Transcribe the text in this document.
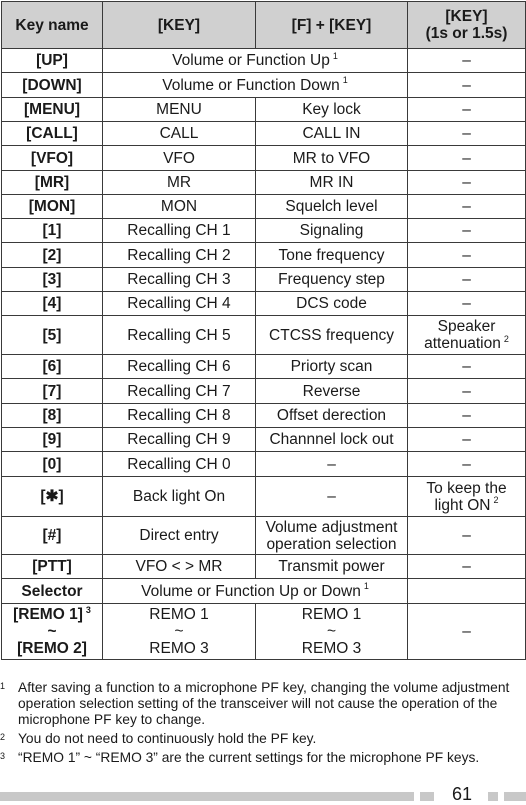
Key name	[KEY]	[F] + [KEY]	[KEY]
(1s or 1.5s)
[UP]	Volume or Function Up $^1$		–
[DOWN]	Volume or Function Down $^1$		–
[MENU]	MENU	Key lock	–
[CALL]	CALL	CALL IN	–
[VFO]	VFO	MR to VFO	–
[MR]	MR	MR IN	–
[MON]	MON	Squelch level	–
[1]	Recalling CH 1	Signaling	–
[2]	Recalling CH 2	Tone frequency	–
[3]	Recalling CH 3	Frequency step	–
[4]	Recalling CH 4	DCS code	–
[5]	Recalling CH 5	CTCSS frequency	Speaker
attenuation $^2$
[6]	Recalling CH 6	Priorty scan	–
[7]	Recalling CH 7	Reverse	–
[8]	Recalling CH 8	Offset derection	–
[9]	Recalling CH 9	Channnel lock out	–
[0]	Recalling CH 0	–	–
[✱]	Back light On	–	To keep the
light ON $^2$
[#]	Direct entry	Volume adjustment
operation selection	–
[PTT]	VFO < > MR	Transmit power	–
Selector	Volume or Function Up or Down $^1$	
[REMO 1] $^3$
~
[REMO 2]	REMO 1
~
REMO 3	REMO 1
~
REMO 3	–
1 After saving a function to a microphone PF key, changing the volume adjustment operation selection setting of the transceiver will not cause the operation of the microphone PF key to change.
2 You do not need to continuously hold the PF key.
3 “REMO 1” ~ “REMO 3” are the current settings for the microphone PF keys.
61
